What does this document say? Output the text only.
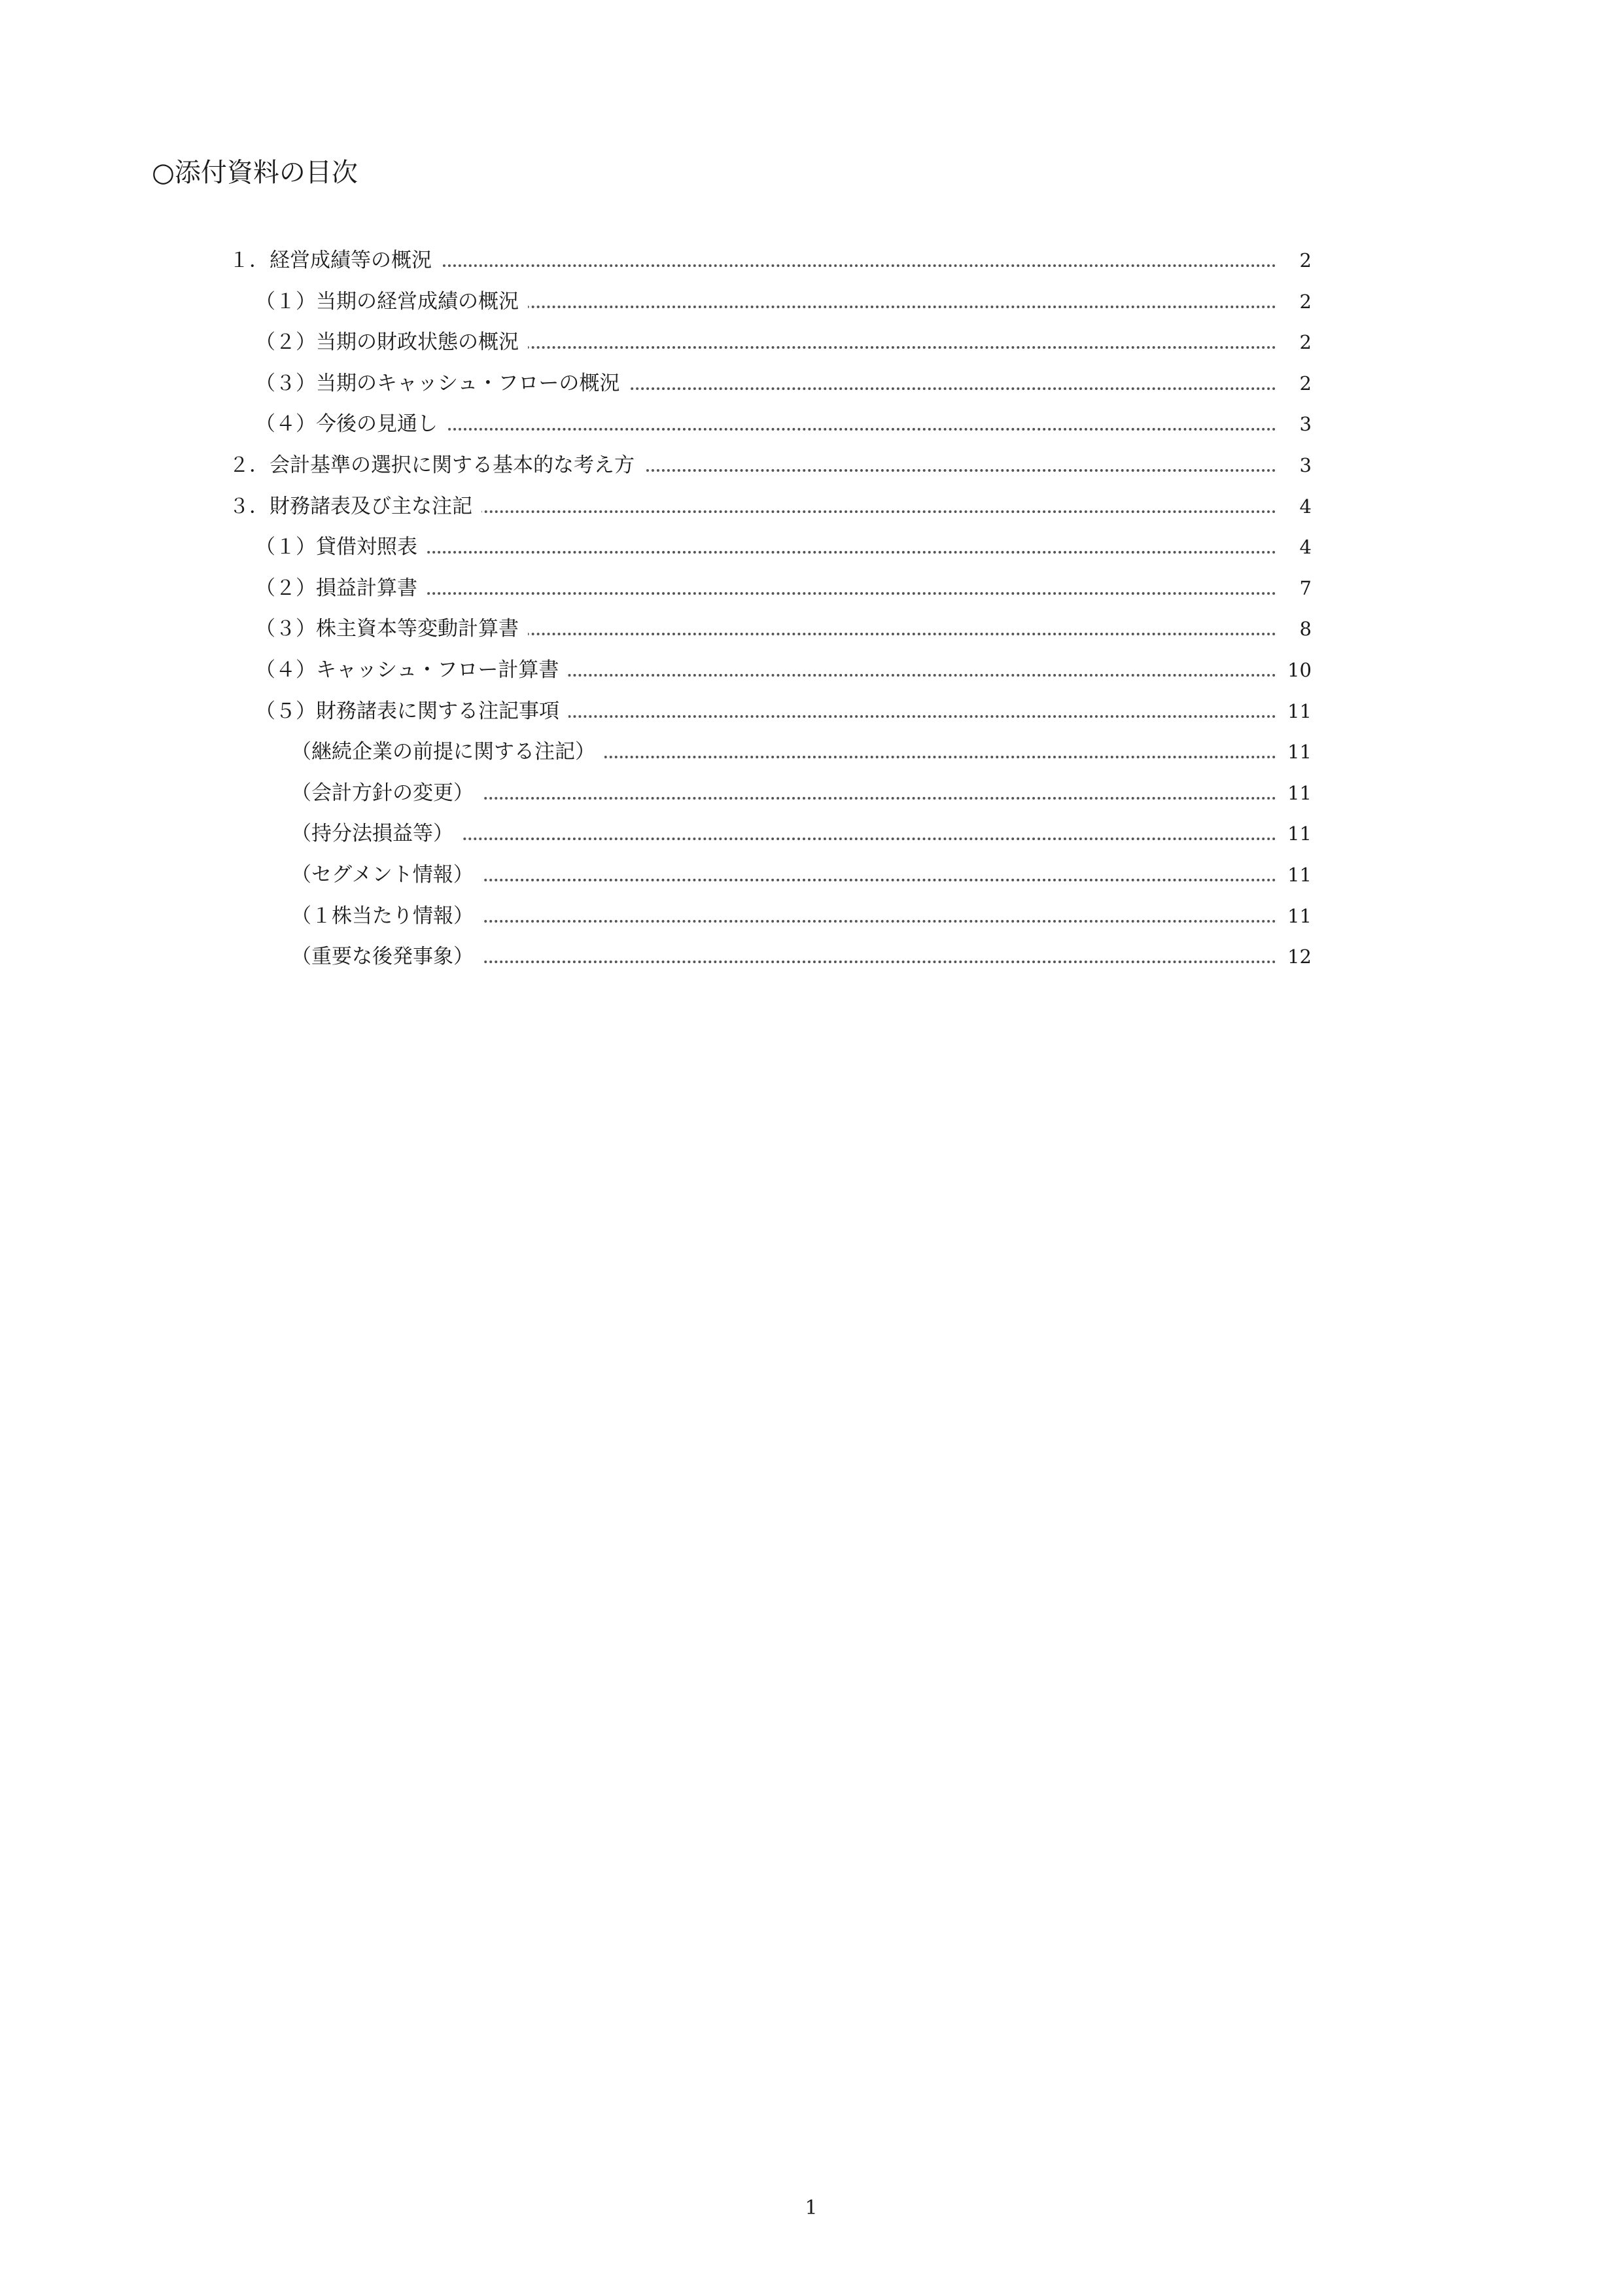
○添付資料の目次
１．経営成績等の概況	2
（１）当期の経営成績の概況	2
（２）当期の財政状態の概況	2
（３）当期のキャッシュ・フローの概況	2
（４）今後の見通し	3
２．会計基準の選択に関する基本的な考え方	3
３．財務諸表及び主な注記	4
（１）貸借対照表	4
（２）損益計算書	7
（３）株主資本等変動計算書	8
（４）キャッシュ・フロー計算書	10
（５）財務諸表に関する注記事項	11
（継続企業の前提に関する注記）	11
（会計方針の変更）	11
（持分法損益等）	11
（セグメント情報）	11
（１株当たり情報）	11
（重要な後発事象）	12
1
